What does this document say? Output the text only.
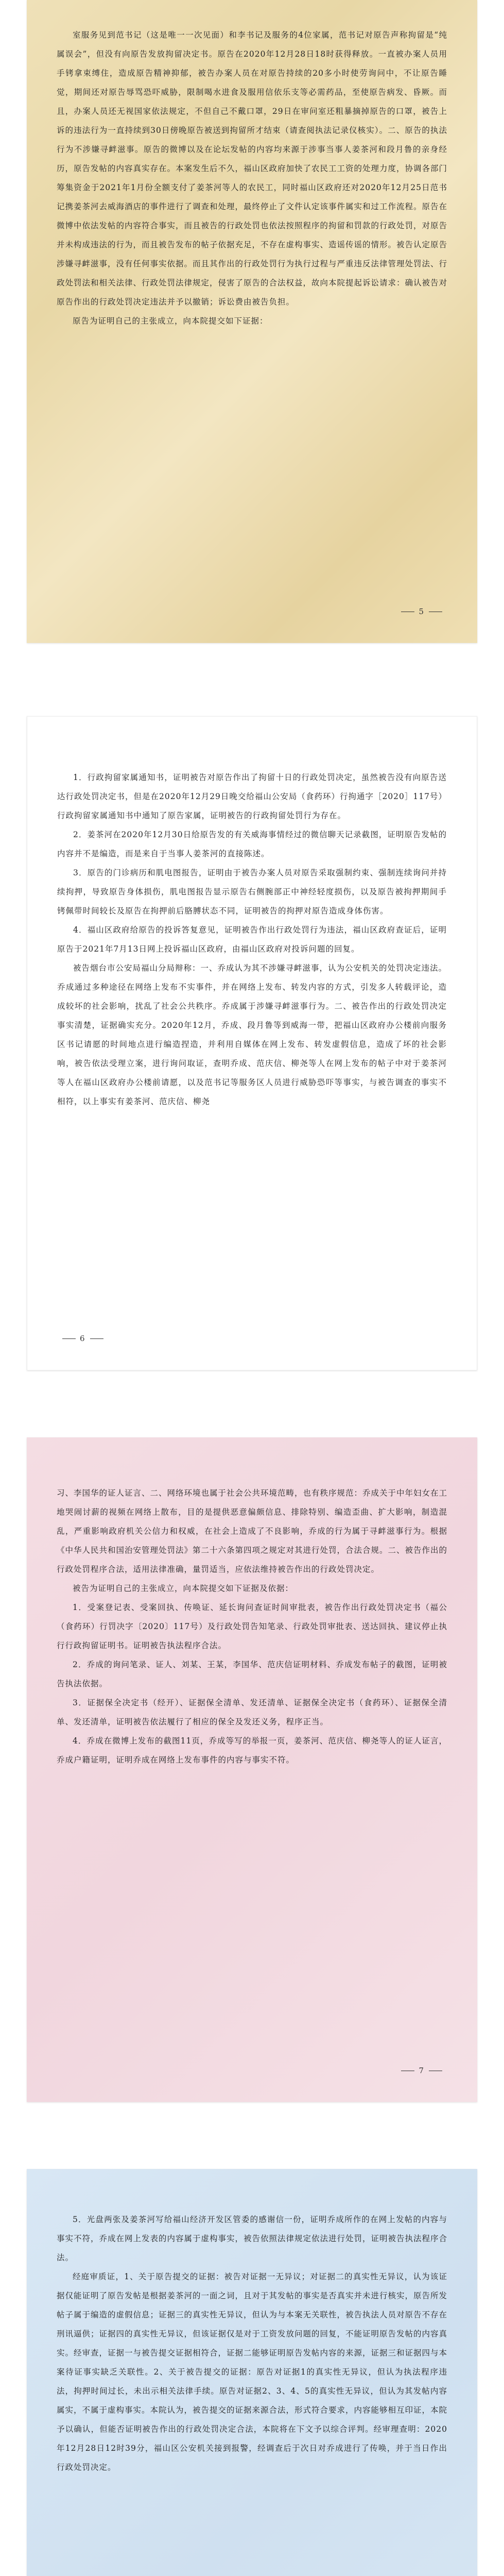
室服务见到范书记（这是唯一一次见面）和李书记及服务的4位家属，范书记对原告声称拘留是“纯属误会”，但没有向原告发放拘留决定书。原告在2020年12月28日18时获得释放。一直被办案人员用手铐拿束缚住，造成原告精神抑郁，被告办案人员在对原告持续的20多小时使劳询问中，不让原告睡觉，期间还对原告辱骂恐吓威胁，限制喝水进食及服用信依乐支等必需药品，至使原告病发、昏厥。而且，办案人员还无视国家依法规定，不但自己不戴口罩，29日在审问室还粗暴摘掉原告的口罩，被告上诉的违法行为一直持续到30日傍晚原告被送到拘留所才结束（请查阅执法记录仪核实）。二、原告的执法行为不涉嫌寻衅滋事。原告的微博以及在论坛发帖的内容均来源于涉事当事人姜茶河和段月鲁的亲身经历，原告发帖的内容真实存在。本案发生后不久，福山区政府加快了农民工工资的处理力度，协调各部门筹集资金于2021年1月份全额支付了姜茶河等人的农民工，同时福山区政府还对2020年12月25日范书记携姜茶河去威海酒店的事件进行了调查和处理，最终停止了文件认定该事件属实和过工作流程。原告在微博中依法发帖的内容符合事实，而且被告的行政处罚也依法按照程序的拘留和罚款的行政处罚，对原告并未构成违法的行为，而且被告发布的帖子依据充足，不存在虚构事实、造谣传谣的情形。被告认定原告涉嫌寻衅滋事，没有任何事实依据。而且其作出的行政处罚行为执行过程与严重违反法律管理处罚法、行政处罚法和相关法律、行政处罚法律规定，侵害了原告的合法权益，故向本院提起诉讼请求：确认被告对原告作出的行政处罚决定违法并予以撤销；诉讼费由被告负担。

原告为证明自己的主张成立，向本院提交如下证据：

5

1．行政拘留家属通知书，证明被告对原告作出了拘留十日的行政处罚决定，虽然被告没有向原告送达行政处罚决定书，但是在2020年12月29日晚交给福山公安局（食药环）行拘通字［2020］117号）行政拘留家属通知书中通知了原告家属，证明被告的行政拘留处罚行为存在。

2．姜茶河在2020年12月30日给原告发的有关威海事情经过的微信聊天记录截图，证明原告发帖的内容并不是编造，而是来自于当事人姜茶河的直接陈述。

3．原告的门诊病历和肌电图报告，证明由于被告办案人员对原告采取强制约束、强制连续询问并持续拘押，导致原告身体损伤，肌电图报告显示原告右侧腕部正中神经轻度损伤，以及原告被拘押期间手铐佩带时间较长及原告在拘押前后胳膊状态不同，证明被告的拘押对原告造成身体伤害。

4．福山区政府给原告的投诉答复意见，证明被告作出行政处罚行为违法，福山区政府查证后，证明原告于2021年7月13日网上投诉福山区政府，由福山区政府对投诉问题的回复。

被告烟台市公安局福山分局辩称：一、乔成认为其不涉嫌寻衅滋事，认为公安机关的处罚决定违法。乔成通过多种途径在网络上发布不实事件，并在网络上发布、转发内容的方式，引发多人转载评论，造成较坏的社会影响，扰乱了社会公共秩序。乔成属于涉嫌寻衅滋事行为。二、被告作出的行政处罚决定事实清楚，证据确实充分。2020年12月，乔成、段月鲁等到威海一带，把福山区政府办公楼前向服务区书记请愿的时间地点进行编造捏造，并利用自媒体在网上发布、转发虚假信息，造成了坏的社会影响，被告依法受理立案，进行询问取证，查明乔成、范庆信、柳尧等人在网上发布的帖子中对于姜茶河等人在福山区政府办公楼前请愿，以及范书记等服务区人员进行威胁恐吓等事实，与被告调查的事实不相符，以上事实有姜茶河、范庆信、柳尧

6

习、李国华的证人证言、二、网络环境也属于社会公共环境范畴，也有秩序规范：乔成关于中年妇女在工地哭闹讨薪的视频在网络上散布，目的是提供恶意偏颇信息、排除特别、编造歪曲、扩大影响，制造混乱，严重影响政府机关公信力和权威，在社会上造成了不良影响，乔成的行为属于寻衅滋事行为。根据《中华人民共和国治安管理处罚法》第二十六条第四项之规定对其进行处罚，合法合规。二、被告作出的行政处罚程序合法，适用法律准确，量罚适当，应依法维持被告作出的行政处罚决定。

被告为证明自己的主张成立，向本院提交如下证据及依据：

1．受案登记表、受案回执、传唤证、延长询问查证时间审批表，被告作出行政处罚决定书（福公（食药环）行罚决字〔2020〕117号）及行政处罚告知笔录、行政处罚审批表、送达回执、建议停止执行行政拘留证明书。证明被告执法程序合法。

2．乔成的询问笔录、证人、刘某、王某，李国华、范庆信证明材料、乔成发布帖子的截图，证明被告执法依据。

3．证据保全决定书（经开）、证据保全清单、发还清单、证据保全决定书（食药环）、证据保全清单、发还清单，证明被告依法履行了相应的保全及发还义务，程序正当。

4．乔成在微博上发布的截图11页，乔成等写的举报一页，姜茶河、范庆信、柳尧等人的证人证言，乔成户籍证明，证明乔成在网络上发布事件的内容与事实不符。

7

5．光盘两张及姜茶河写给福山经济开发区管委的感谢信一份，证明乔成所作的在网上发帖的内容与事实不符，乔成在网上发表的内容属于虚构事实，被告依照法律规定依法进行处罚，证明被告执法程序合法。

经庭审质证，1、关于原告提交的证据：被告对证据一无异议；对证据二的真实性无异议，认为该证据仅能证明了原告发帖是根据姜茶河的一面之词，且对于其发帖的事实是否真实并未进行核实，原告所发帖子属于编造的虚假信息；证据三的真实性无异议，但认为与本案无关联性，被告执法人员对原告不存在刑讯逼供；证据四的真实性无异议，但该证据仅是对于工资发放问题的回复，不能证明原告发帖的内容真实。经审查，证据一与被告提交证据相符合，证据二能够证明原告发帖内容的来源，证据三和证据四与本案待证事实缺乏关联性。2、关于被告提交的证据：原告对证据1的真实性无异议，但认为执法程序违法，拘押时间过长，未出示相关法律手续。原告对证据2、3、4、5的真实性无异议，但认为其发帖内容属实，不属于虚构事实。本院认为，被告提交的证据来源合法，形式符合要求，内容能够相互印证，本院予以确认，但能否证明被告作出的行政处罚决定合法，本院将在下文予以综合评判。经审理查明：2020年12月28日12时39分，福山区公安机关接到报警，经调查后于次日对乔成进行了传唤，并于当日作出行政处罚决定。
